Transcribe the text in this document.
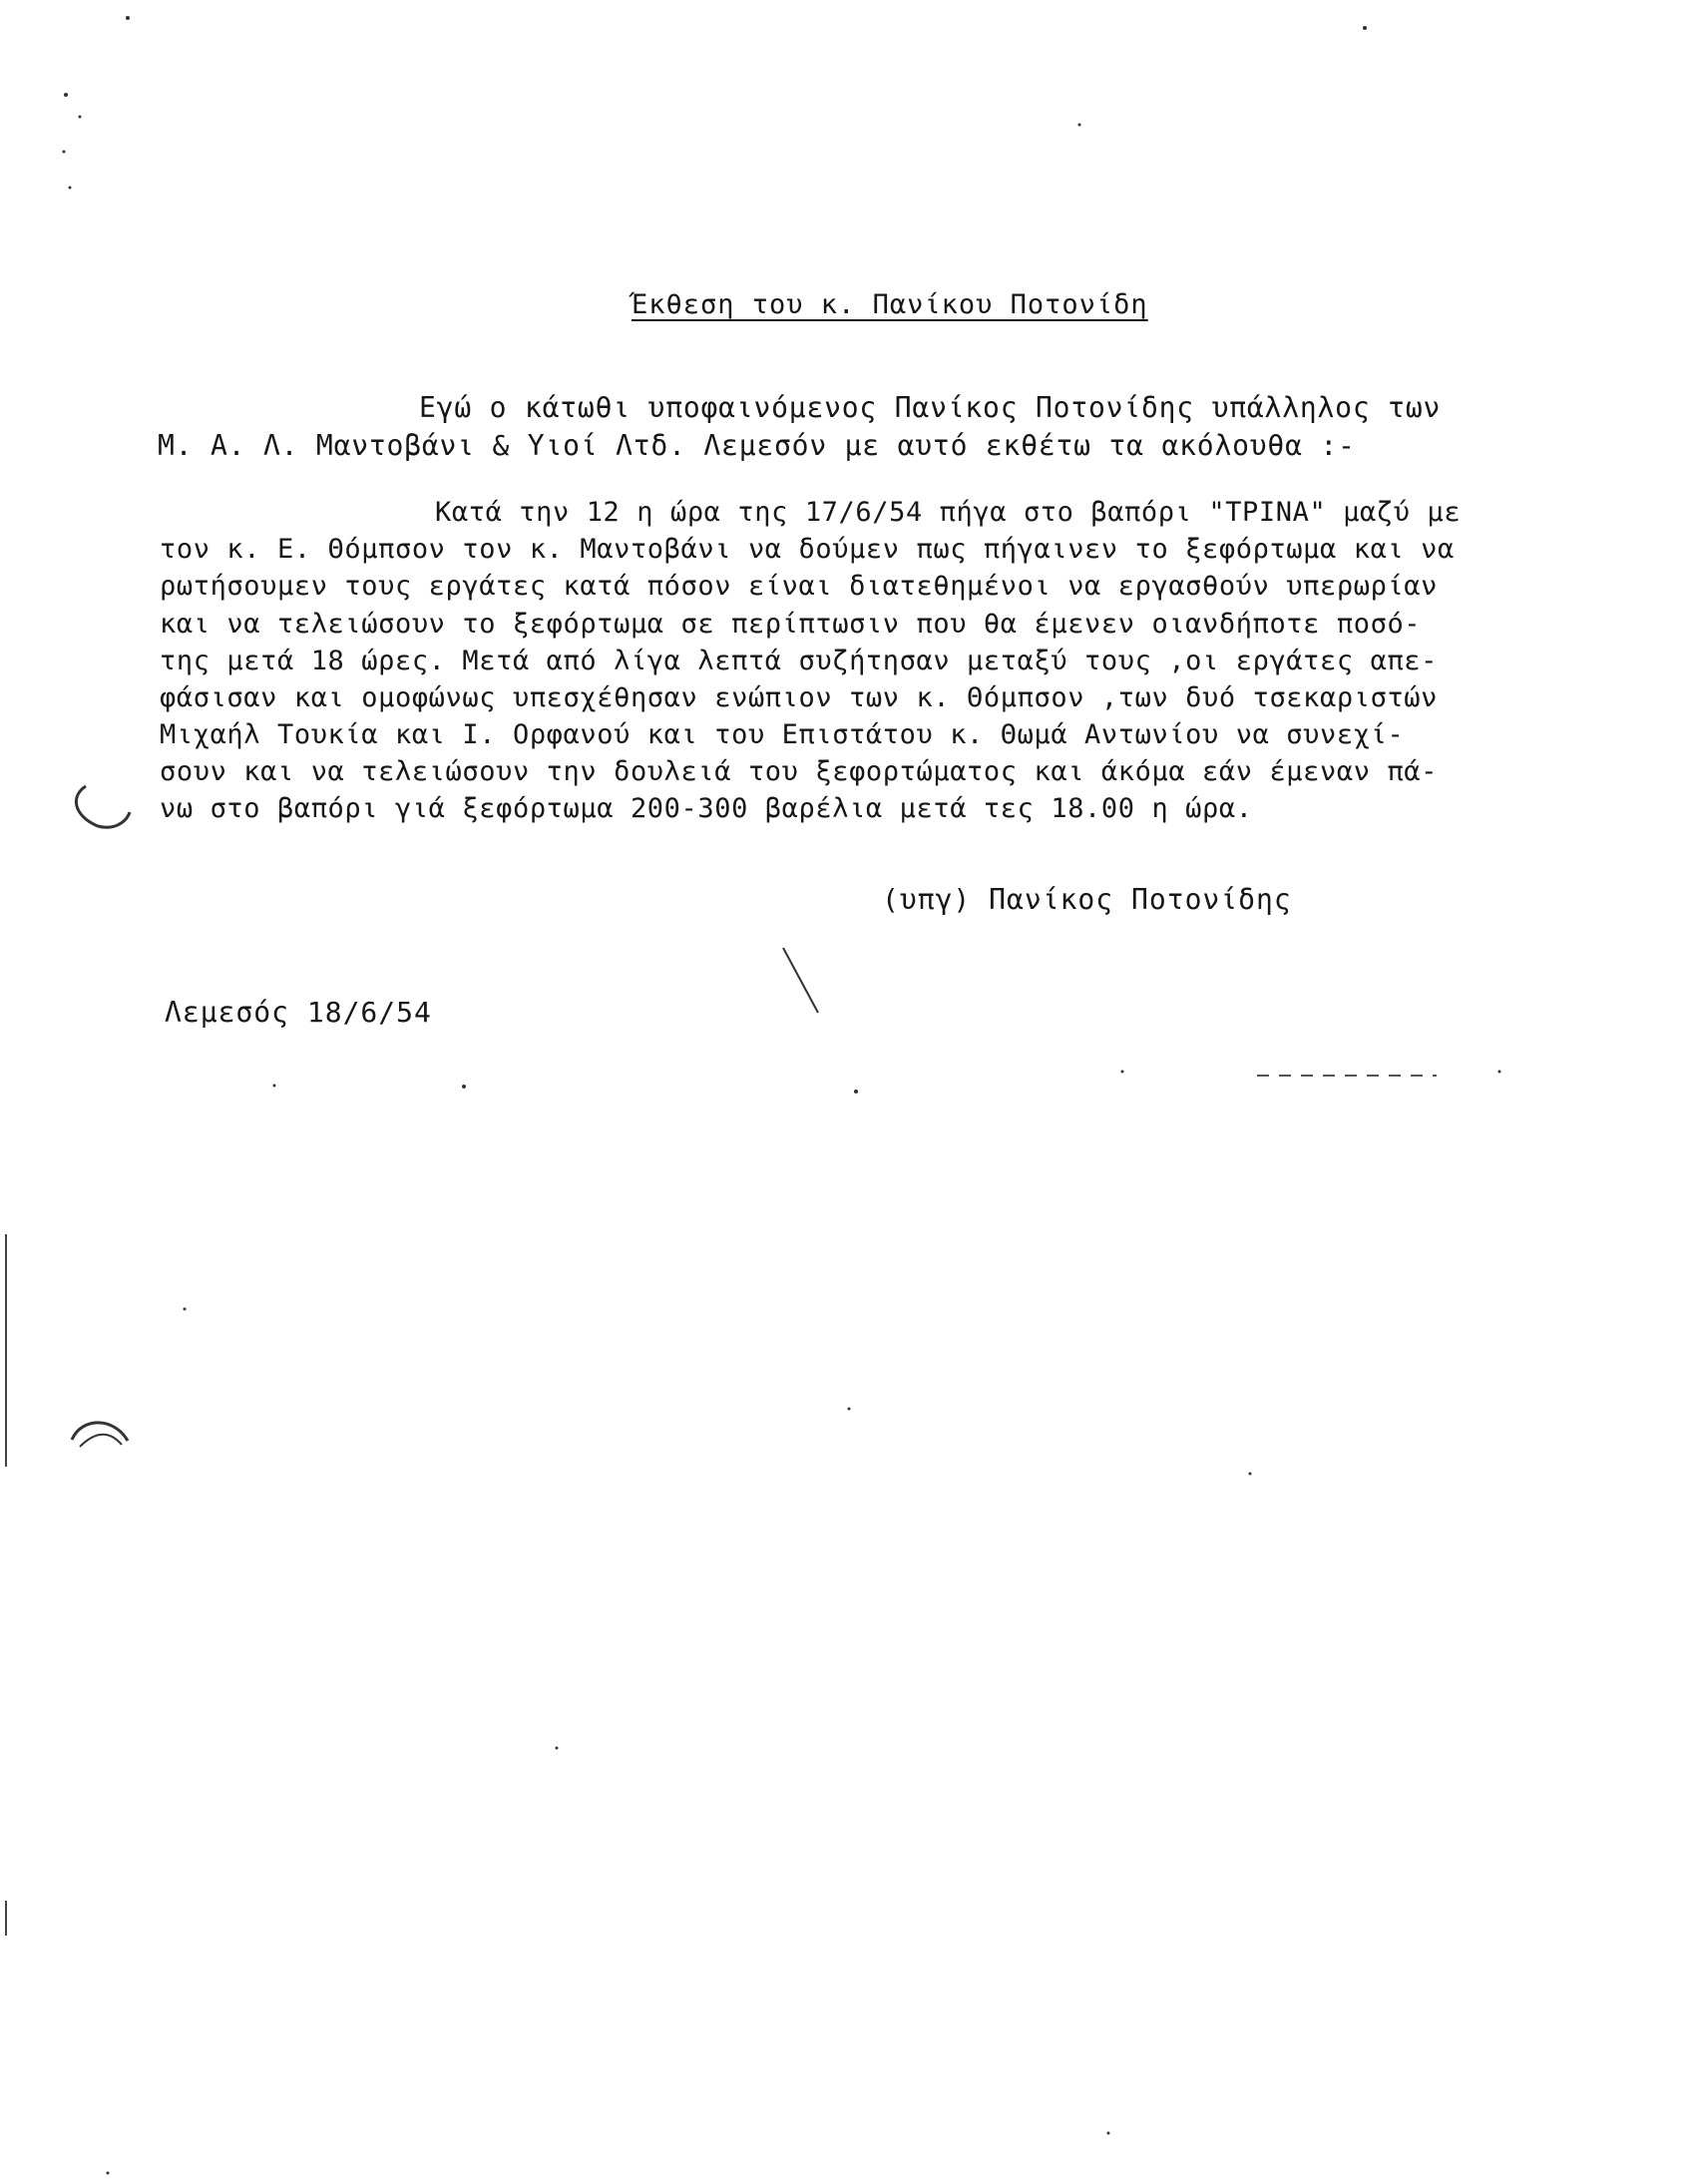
Έκθεση του κ. Πανίκου Ποτονίδη
Εγώ ο κάτωθι υποφαινόμενος Πανίκος Ποτονίδης υπάλληλος των
Μ. Α. Λ. Μαντοβάνι & Υιοί Λτδ. Λεμεσόν με αυτό εκθέτω τα ακόλουθα :-
Κατά την 12 η ώρα της 17/6/54 πήγα στο βαπόρι "ΤΡΙΝΑ" μαζύ με
τον κ. Ε. Θόμπσον τον κ. Μαντοβάνι να δούμεν πως πήγαινεν το ξεφόρτωμα και να
ρωτήσουμεν τους εργάτες κατά πόσον είναι διατεθημένοι να εργασθούν υπερωρίαν
και να τελειώσουν το ξεφόρτωμα σε περίπτωσιν που θα έμενεν οιανδήποτε ποσό-
της μετά 18 ώρες. Μετά από λίγα λεπτά συζήτησαν μεταξύ τους ,οι εργάτες απε-
φάσισαν και ομοφώνως υπεσχέθησαν ενώπιον των κ. Θόμπσον ,των δυό τσεκαριστών
Μιχαήλ Τουκία και Ι. Ορφανού και του Επιστάτου κ. Θωμά Αντωνίου να συνεχί-
σουν και να τελειώσουν την δουλειά του ξεφορτώματος και άκόμα εάν έμεναν πά-
νω στο βαπόρι γιά ξεφόρτωμα 200-300 βαρέλια μετά τες 18.00 η ώρα.
(υπγ) Πανίκος Ποτονίδης
Λεμεσός 18/6/54
